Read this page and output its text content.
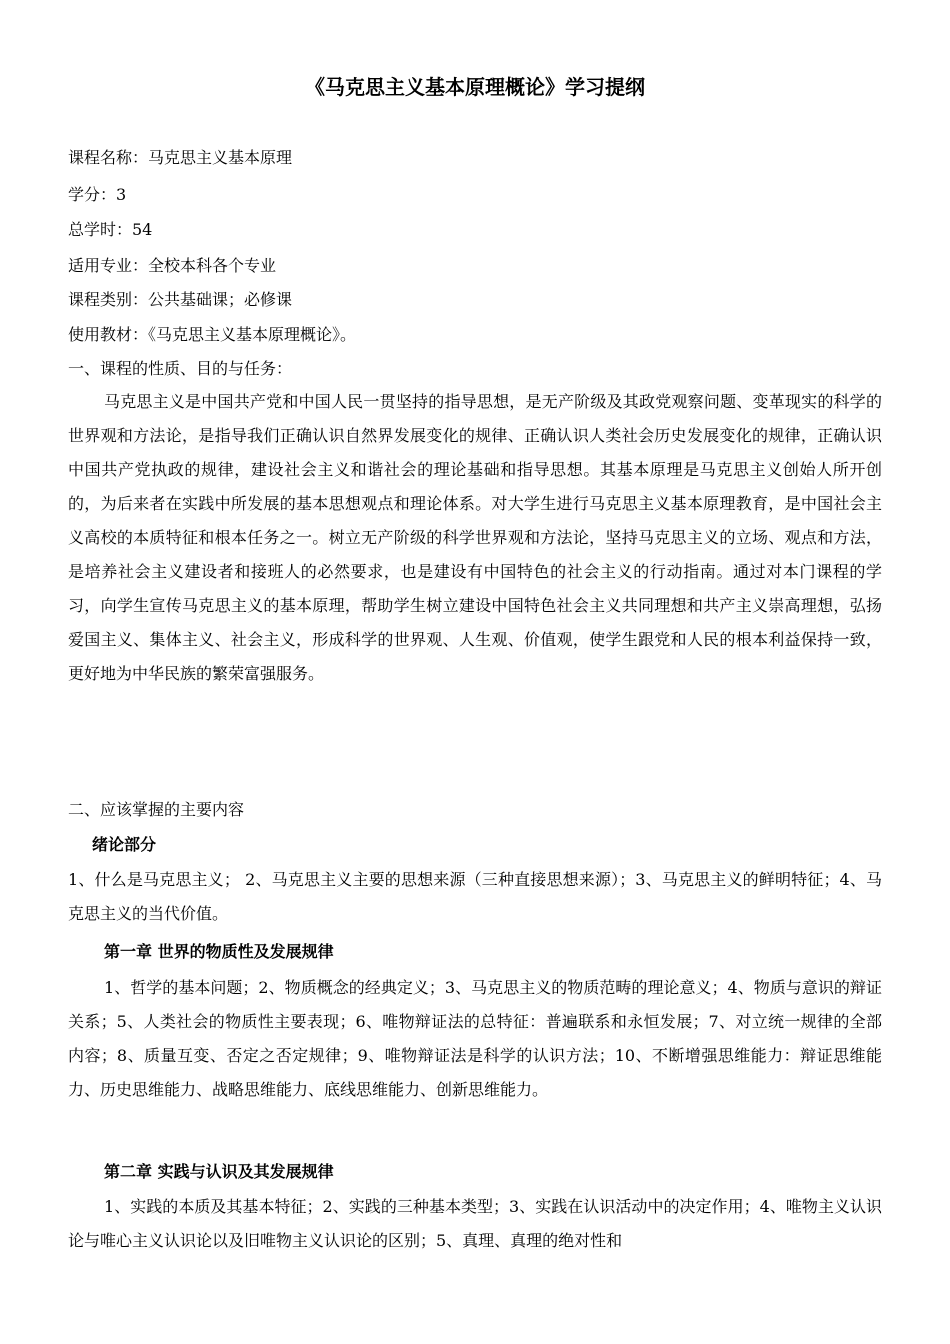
《马克思主义基本原理概论》学习提纲

课程名称：马克思主义基本原理

学分：3

总学时：54

适用专业：全校本科各个专业

课程类别：公共基础课；必修课

使用教材：《马克思主义基本原理概论》。

一、课程的性质、目的与任务：

马克思主义是中国共产党和中国人民一贯坚持的指导思想，是无产阶级及其政党观察问题、变革现实的科学的世界观和方法论，是指导我们正确认识自然界发展变化的规律、正确认识人类社会历史发展变化的规律，正确认识中国共产党执政的规律，建设社会主义和谐社会的理论基础和指导思想。其基本原理是马克思主义创始人所开创的，为后来者在实践中所发展的基本思想观点和理论体系。对大学生进行马克思主义基本原理教育，是中国社会主义高校的本质特征和根本任务之一。树立无产阶级的科学世界观和方法论，坚持马克思主义的立场、观点和方法，是培养社会主义建设者和接班人的必然要求，也是建设有中国特色的社会主义的行动指南。通过对本门课程的学习，向学生宣传马克思主义的基本原理，帮助学生树立建设中国特色社会主义共同理想和共产主义崇高理想，弘扬爱国主义、集体主义、社会主义，形成科学的世界观、人生观、价值观，使学生跟党和人民的根本利益保持一致，更好地为中华民族的繁荣富强服务。

二、应该掌握的主要内容

绪论部分

1、什么是马克思主义； 2、马克思主义主要的思想来源（三种直接思想来源）；3、马克思主义的鲜明特征；4、马克思主义的当代价值。

第一章 世界的物质性及发展规律

1、哲学的基本问题；2、物质概念的经典定义；3、马克思主义的物质范畴的理论意义；4、物质与意识的辩证关系；5、人类社会的物质性主要表现；6、唯物辩证法的总特征：普遍联系和永恒发展；7、对立统一规律的全部内容；8、质量互变、否定之否定规律；9、唯物辩证法是科学的认识方法；10、不断增强思维能力：辩证思维能力、历史思维能力、战略思维能力、底线思维能力、创新思维能力。

第二章 实践与认识及其发展规律

1、实践的本质及其基本特征；2、实践的三种基本类型；3、实践在认识活动中的决定作用；4、唯物主义认识论与唯心主义认识论以及旧唯物主义认识论的区别；5、真理、真理的绝对性和
